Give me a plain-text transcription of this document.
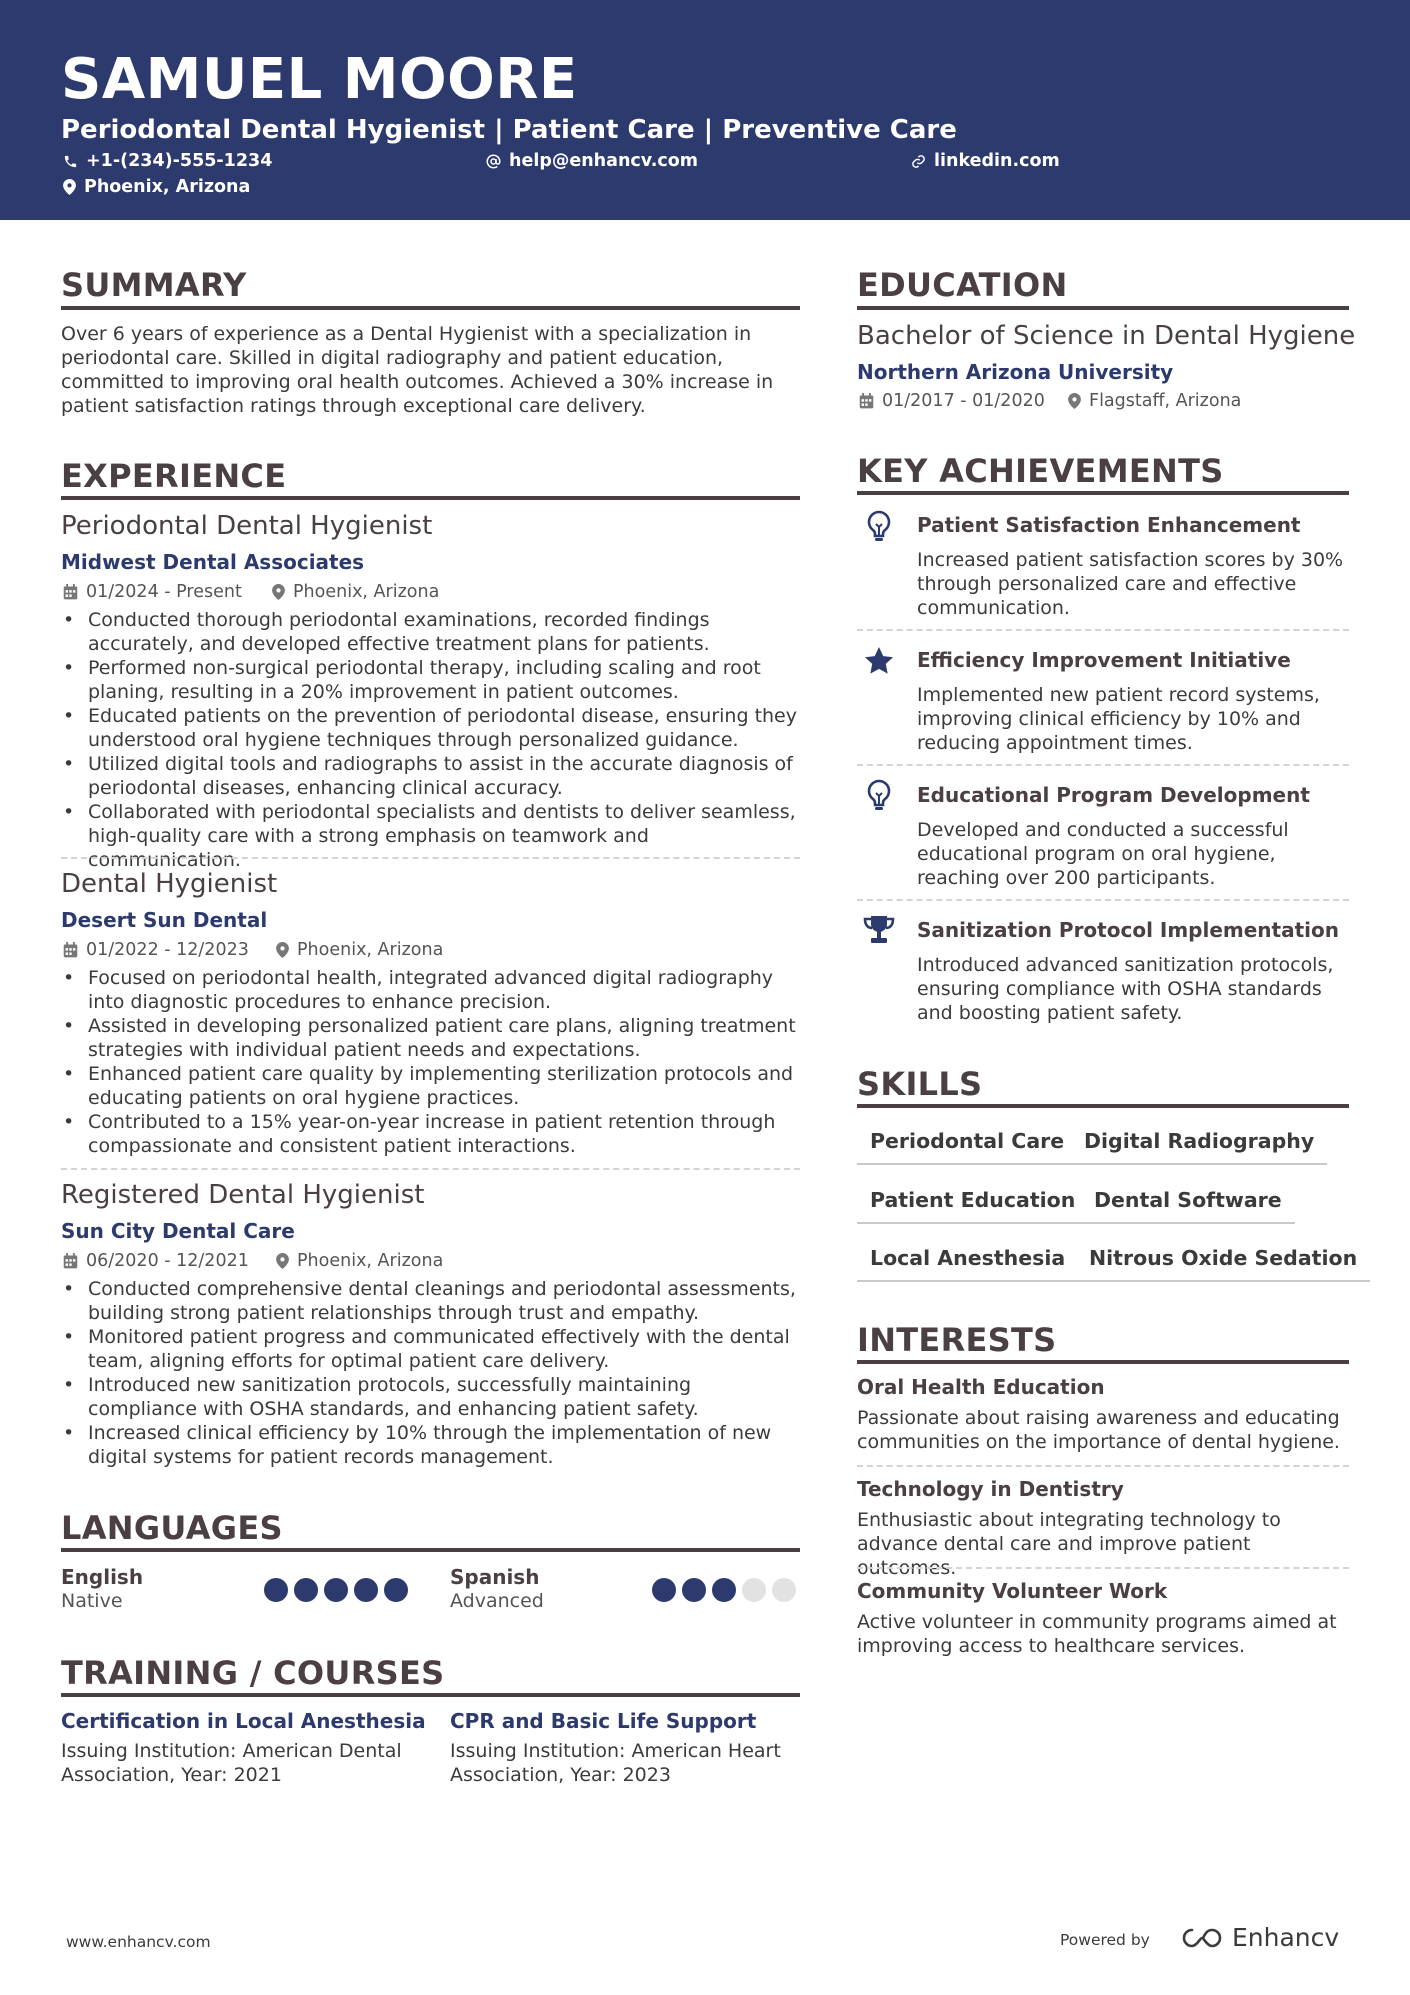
SAMUEL MOORE
Periodontal Dental Hygienist | Patient Care | Preventive Care
+1-(234)-555-1234	help@enhancv.com	linkedin.com
Phoenix, Arizona
SUMMARY
Over 6 years of experience as a Dental Hygienist with a specialization in periodontal care. Skilled in digital radiography and patient education, committed to improving oral health outcomes. Achieved a 30% increase in patient satisfaction ratings through exceptional care delivery.
EXPERIENCE
Periodontal Dental Hygienist
Midwest Dental Associates
01/2024 - Present	Phoenix, Arizona
• Conducted thorough periodontal examinations, recorded findings accurately, and developed effective treatment plans for patients.
• Performed non-surgical periodontal therapy, including scaling and root planing, resulting in a 20% improvement in patient outcomes.
• Educated patients on the prevention of periodontal disease, ensuring they understood oral hygiene techniques through personalized guidance.
• Utilized digital tools and radiographs to assist in the accurate diagnosis of periodontal diseases, enhancing clinical accuracy.
• Collaborated with periodontal specialists and dentists to deliver seamless, high-quality care with a strong emphasis on teamwork and communication.
Dental Hygienist
Desert Sun Dental
01/2022 - 12/2023	Phoenix, Arizona
• Focused on periodontal health, integrated advanced digital radiography into diagnostic procedures to enhance precision.
• Assisted in developing personalized patient care plans, aligning treatment strategies with individual patient needs and expectations.
• Enhanced patient care quality by implementing sterilization protocols and educating patients on oral hygiene practices.
• Contributed to a 15% year-on-year increase in patient retention through compassionate and consistent patient interactions.
Registered Dental Hygienist
Sun City Dental Care
06/2020 - 12/2021	Phoenix, Arizona
• Conducted comprehensive dental cleanings and periodontal assessments, building strong patient relationships through trust and empathy.
• Monitored patient progress and communicated effectively with the dental team, aligning efforts for optimal patient care delivery.
• Introduced new sanitization protocols, successfully maintaining compliance with OSHA standards, and enhancing patient safety.
• Increased clinical efficiency by 10% through the implementation of new digital systems for patient records management.
LANGUAGES
English
Native
Spanish
Advanced
TRAINING / COURSES
Certification in Local Anesthesia
Issuing Institution: American Dental Association, Year: 2021
CPR and Basic Life Support
Issuing Institution: American Heart Association, Year: 2023
EDUCATION
Bachelor of Science in Dental Hygiene
Northern Arizona University
01/2017 - 01/2020	Flagstaff, Arizona
KEY ACHIEVEMENTS
Patient Satisfaction Enhancement
Increased patient satisfaction scores by 30% through personalized care and effective communication.
Efficiency Improvement Initiative
Implemented new patient record systems, improving clinical efficiency by 10% and reducing appointment times.
Educational Program Development
Developed and conducted a successful educational program on oral hygiene, reaching over 200 participants.
Sanitization Protocol Implementation
Introduced advanced sanitization protocols, ensuring compliance with OSHA standards and boosting patient safety.
SKILLS
Periodontal Care Digital Radiography
Patient Education Dental Software
Local Anesthesia	Nitrous Oxide Sedation
INTERESTS
Oral Health Education
Passionate about raising awareness and educating communities on the importance of dental hygiene.
Technology in Dentistry
Enthusiastic about integrating technology to advance dental care and improve patient outcomes.
Community Volunteer Work
Active volunteer in community programs aimed at improving access to healthcare services.
www.enhancv.com	Powered by	Enhancv
